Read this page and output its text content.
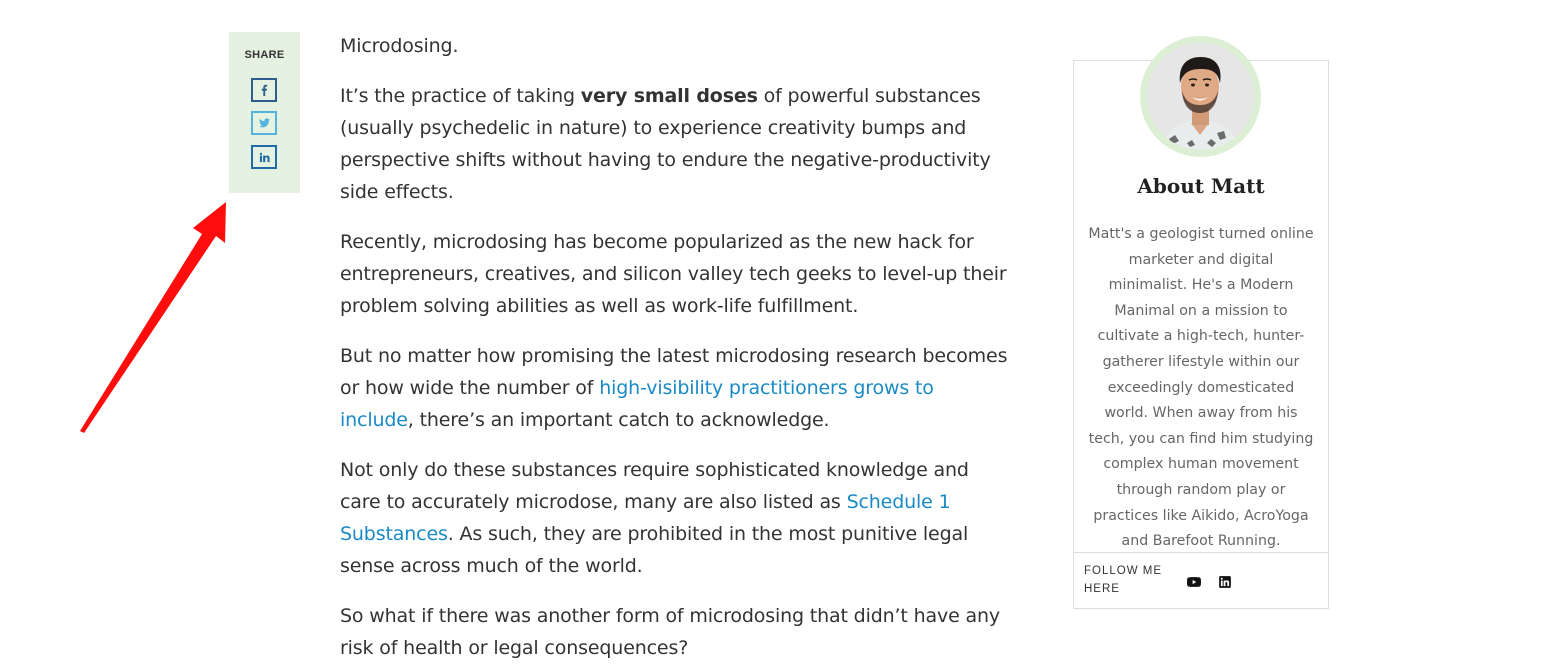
SHARE	Microdosing.

It’s the practice of taking very small doses of powerful substances (usually psychedelic in nature) to experience creativity bumps and perspective shifts without having to endure the negative-productivity side effects.

Recently, microdosing has become popularized as the new hack for entrepreneurs, creatives, and silicon valley tech geeks to level-up their problem solving abilities as well as work-life fulfillment.

But no matter how promising the latest microdosing research becomes or how wide the number of high-visibility practitioners grows to include, there’s an important catch to acknowledge.

Not only do these substances require sophisticated knowledge and care to accurately microdose, many are also listed as Schedule 1 Substances. As such, they are prohibited in the most punitive legal sense across much of the world.

So what if there was another form of microdosing that didn’t have any risk of health or legal consequences?

About Matt
Matt's a geologist turned online marketer and digital minimalist. He's a Modern Manimal on a mission to cultivate a high-tech, hunter-gatherer lifestyle within our exceedingly domesticated world. When away from his tech, you can find him studying complex human movement through random play or practices like Aikido, AcroYoga and Barefoot Running.
FOLLOW ME HERE
